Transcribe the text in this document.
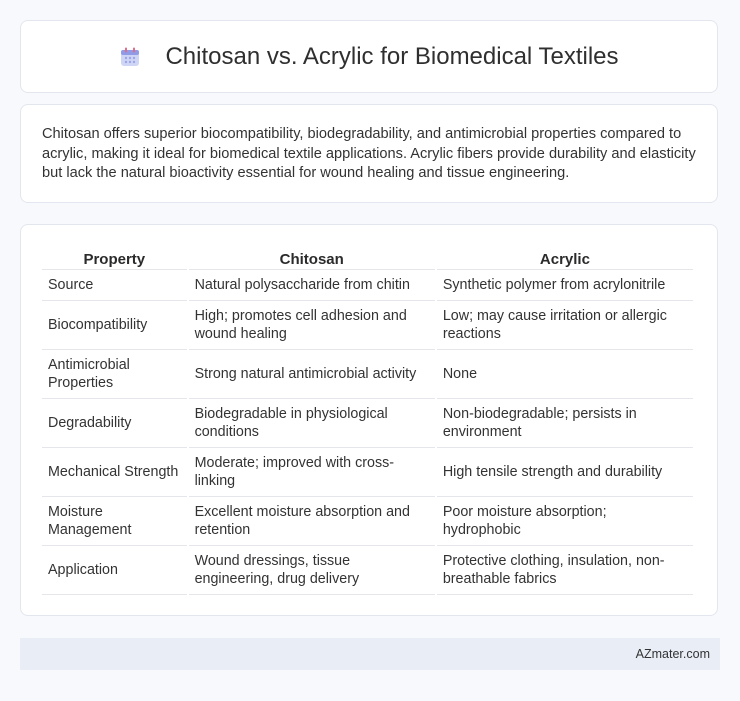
Chitosan vs. Acrylic for Biomedical Textiles

Chitosan offers superior biocompatibility, biodegradability, and antimicrobial properties compared to acrylic, making it ideal for biomedical textile applications. Acrylic fibers provide durability and elasticity but lack the natural bioactivity essential for wound healing and tissue engineering.

Property	Chitosan	Acrylic
Source	Natural polysaccharide from chitin	Synthetic polymer from acrylonitrile
Biocompatibility	High; promotes cell adhesion and wound healing	Low; may cause irritation or allergic reactions
Antimicrobial Properties	Strong natural antimicrobial activity	None
Degradability	Biodegradable in physiological conditions	Non-biodegradable; persists in environment
Mechanical Strength	Moderate; improved with cross-linking	High tensile strength and durability
Moisture Management	Excellent moisture absorption and retention	Poor moisture absorption; hydrophobic
Application	Wound dressings, tissue engineering, drug delivery	Protective clothing, insulation, non-breathable fabrics
AZmater.com
